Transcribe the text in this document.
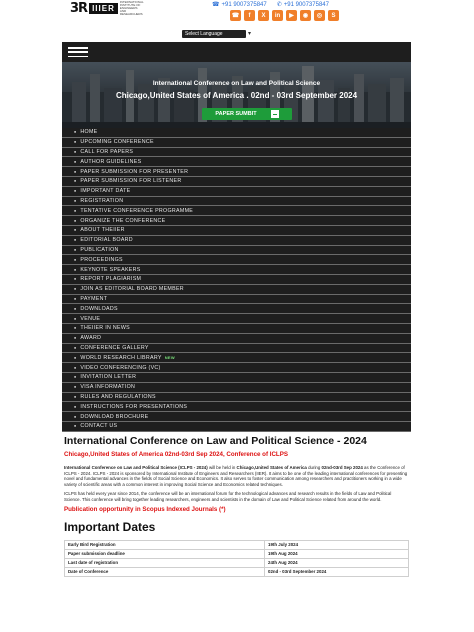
3R IIIER
INTERNATIONAL INSTITUTE OF ENGINEERS AND RESEARCHERS
☎ +91 9007375847 ✆ +91 9007375847
☎	f	X	in	▶	◉	◎	S
Select Language	▾
International Conference on Law and Political Science
Chicago,United States of America . 02nd - 03rd September 2024
PAPER SUMBIT
■ HOME
■ UPCOMING CONFERENCE
■ CALL FOR PAPERS
■ AUTHOR GUIDELINES
■ PAPER SUBMISSION FOR PRESENTER
■ PAPER SUBMISSION FOR LISTENER
■ IMPORTANT DATE
■ REGISTRATION
■ TENTATIVE CONFERENCE PROGRAMME
■ ORGANIZE THE CONFERENCE
■ ABOUT THEIIER
■ EDITORIAL BOARD
■ PUBLICATION
■ PROCEEDINGS
■ KEYNOTE SPEAKERS
■ REPORT PLAGIARISM
■ JOIN AS EDITORIAL BOARD MEMBER
■ PAYMENT
■ DOWNLOADS
■ VENUE
■ THEIIER IN NEWS
■ AWARD
■ CONFERENCE GALLERY
■ WORLD RESEARCH LIBRARY NEW
■ VIDEO CONFERENCING (VC)
■ INVITATION LETTER
■ VISA INFORMATION
■ RULES AND REGULATIONS
■ INSTRUCTIONS FOR PRESENTATIONS
■ DOWNLOAD BROCHURE
■ CONTACT US
International Conference on Law and Political Science - 2024
Chicago,United States of America 02nd-03rd Sep 2024, Conference of ICLPS
International Conference on Law and Political Science (ICLPS - 2024) will be held in Chicago,United States of America during 02nd-03rd Sep 2024 as the Conference of ICLPS - 2024. ICLPS - 2024 is sponsored by International Institute of Engineers and Researchers (IIER). It aims to be one of the leading international conferences for presenting novel and fundamental advances in the fields of Social Science and Economics. It also serves to foster communication among researchers and practitioners working in a wide variety of scientific areas with a common interest in improving Social Science and Economics related techniques.
ICLPS has held every year since 2014, the conference will be an international forum for the technological advances and research results in the fields of Law and Political Science. This conference will bring together leading researchers, engineers and scientists in the domain of Law and Political Science related from around the world.
Publication opportunity in Scopus Indexed Journals (*)
Important Dates
Early Bird Registration	19th July 2024
Paper submission deadline	19th Aug 2024
Last date of registration	24th Aug 2024
Date of Conference	02nd - 03rd September 2024
